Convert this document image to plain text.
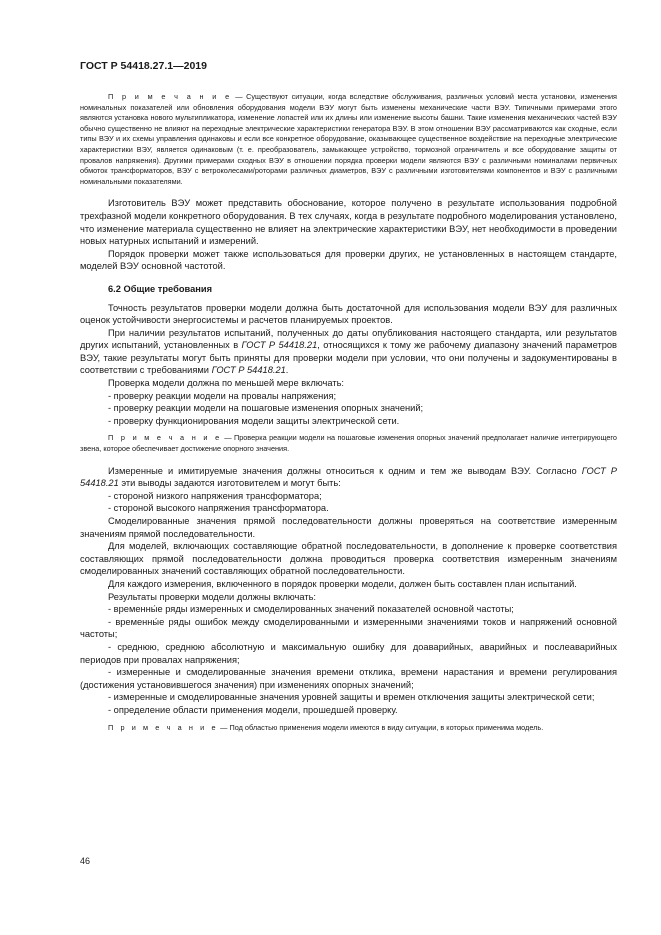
ГОСТ Р 54418.27.1—2019

П р и м е ч а н и е — Существуют ситуации, когда вследствие обслуживания, различных условий места установки, изменения номинальных показателей или обновления оборудования модели ВЭУ могут быть изменены механические части ВЭУ. Типичными примерами этого являются установка нового мультипликатора, изменение лопастей или их длины или изменение высоты башни. Такие изменения механических частей ВЭУ обычно существенно не влияют на переходные электрические характеристики генератора ВЭУ. В этом отношении ВЭУ рассматриваются как сходные, если типы ВЭУ и их схемы управления одинаковы и если все конкретное оборудование, оказывающее существенное воздействие на переходные электрические характеристики ВЭУ, является одинаковым (т. е. преобразователь, замыкающее устройство, тормозной ограничитель и все оборудование защиты от провалов напряжения). Другими примерами сходных ВЭУ в отношении порядка проверки модели являются ВЭУ с различными номиналами первичных обмоток трансформаторов, ВЭУ с ветроколесами/роторами различных диаметров, ВЭУ с различными изготовителями компонентов и ВЭУ с различными номинальными показателями.

Изготовитель ВЭУ может представить обоснование, которое получено в результате использования подробной трехфазной модели конкретного оборудования. В тех случаях, когда в результате подробного моделирования установлено, что изменение материала существенно не влияет на электрические характеристики ВЭУ, нет необходимости в проведении новых натурных испытаний и измерений.

Порядок проверки может также использоваться для проверки других, не установленных в настоящем стандарте, моделей ВЭУ основной частотой.

6.2 Общие требования

Точность результатов проверки модели должна быть достаточной для использования модели ВЭУ для различных оценок устойчивости энергосистемы и расчетов планируемых проектов.

При наличии результатов испытаний, полученных до даты опубликования настоящего стандарта, или результатов других испытаний, установленных в ГОСТ Р 54418.21, относящихся к тому же рабочему диапазону значений параметров ВЭУ, такие результаты могут быть приняты для проверки модели при условии, что они получены и задокументированы в соответствии с требованиями ГОСТ Р 54418.21.

Проверка модели должна по меньшей мере включать:

- проверку реакции модели на провалы напряжения;

- проверку реакции модели на пошаговые изменения опорных значений;

- проверку функционирования модели защиты электрической сети.

П р и м е ч а н и е — Проверка реакции модели на пошаговые изменения опорных значений предполагает наличие интегрирующего звена, которое обеспечивает достижение опорного значения.

Измеренные и имитируемые значения должны относиться к одним и тем же выводам ВЭУ. Согласно ГОСТ Р 54418.21 эти выводы задаются изготовителем и могут быть:

- стороной низкого напряжения трансформатора;

- стороной высокого напряжения трансформатора.

Смоделированные значения прямой последовательности должны проверяться на соответствие измеренным значениям прямой последовательности.

Для моделей, включающих составляющие обратной последовательности, в дополнение к проверке соответствия составляющих прямой последовательности должна проводиться проверка соответствия измеренным значениям смоделированных значений составляющих обратной последовательности.

Для каждого измерения, включенного в порядок проверки модели, должен быть составлен план испытаний.

Результаты проверки модели должны включать:

- временны́е ряды измеренных и смоделированных значений показателей основной частоты;

- временны́е ряды ошибок между смоделированными и измеренными значениями токов и напряжений основной частоты;

- среднюю, среднюю абсолютную и максимальную ошибку для доаварийных, аварийных и послеаварийных периодов при провалах напряжения;

- измеренные и смоделированные значения времени отклика, времени нарастания и времени регулирования (достижения установившегося значения) при изменениях опорных значений;

- измеренные и смоделированные значения уровней защиты и времен отключения защиты электрической сети;

- определение области применения модели, прошедшей проверку.

П р и м е ч а н и е — Под областью применения модели имеются в виду ситуации, в которых применима модель.

46
